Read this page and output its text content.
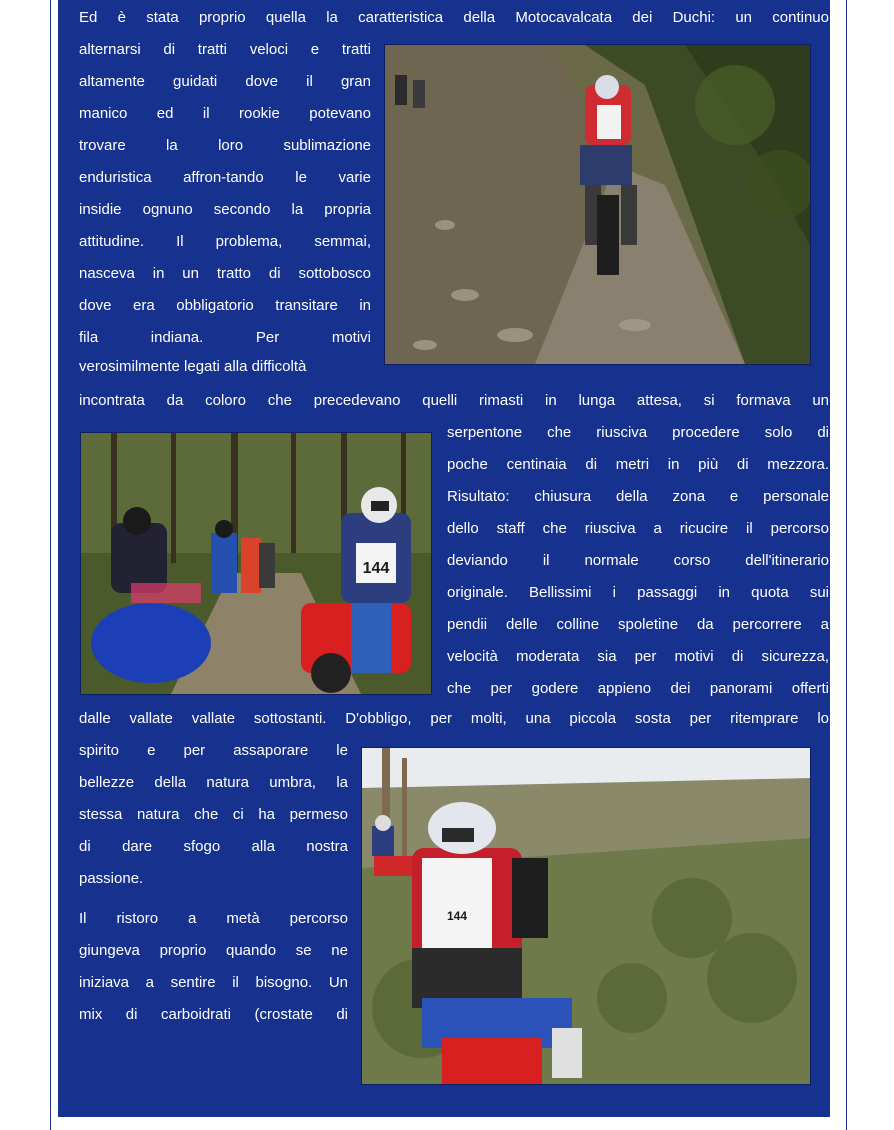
Ed è stata proprio quella la caratteristica della Motocavalcata dei Duchi: un continuo
alternarsi di tratti veloci e tratti
altamente guidati dove il gran
manico ed il rookie potevano
trovare la loro sublimazione
enduristica affron-tando le varie
insidie ognuno secondo la propria
attitudine. Il problema, semmai,
nasceva in un tratto di sottobosco
dove era obbligatorio transitare in
fila indiana. Per motivi
verosimilmente legati alla difficoltà
incontrata da coloro che precedevano quelli rimasti in lunga attesa, si formava un
144
serpentone che riusciva procedere solo di
poche centinaia di metri in più di mezzora.
Risultato: chiusura della zona e personale
dello staff che riusciva a ricucire il percorso
deviando il normale corso dell'itinerario
originale. Bellissimi i passaggi in quota sui
pendii delle colline spoletine da percorrere a
velocità moderata sia per motivi di sicurezza,
che per godere appieno dei panorami offerti
dalle vallate vallate sottostanti. D'obbligo, per molti, una piccola sosta per ritemprare lo
spirito e per assaporare le
bellezze della natura umbra, la
stessa natura che ci ha permeso
di dare sfogo alla nostra
passione.
Il ristoro a metà percorso
giungeva proprio quando se ne
iniziava a sentire il bisogno. Un
mix di carboidrati (crostate di
144
